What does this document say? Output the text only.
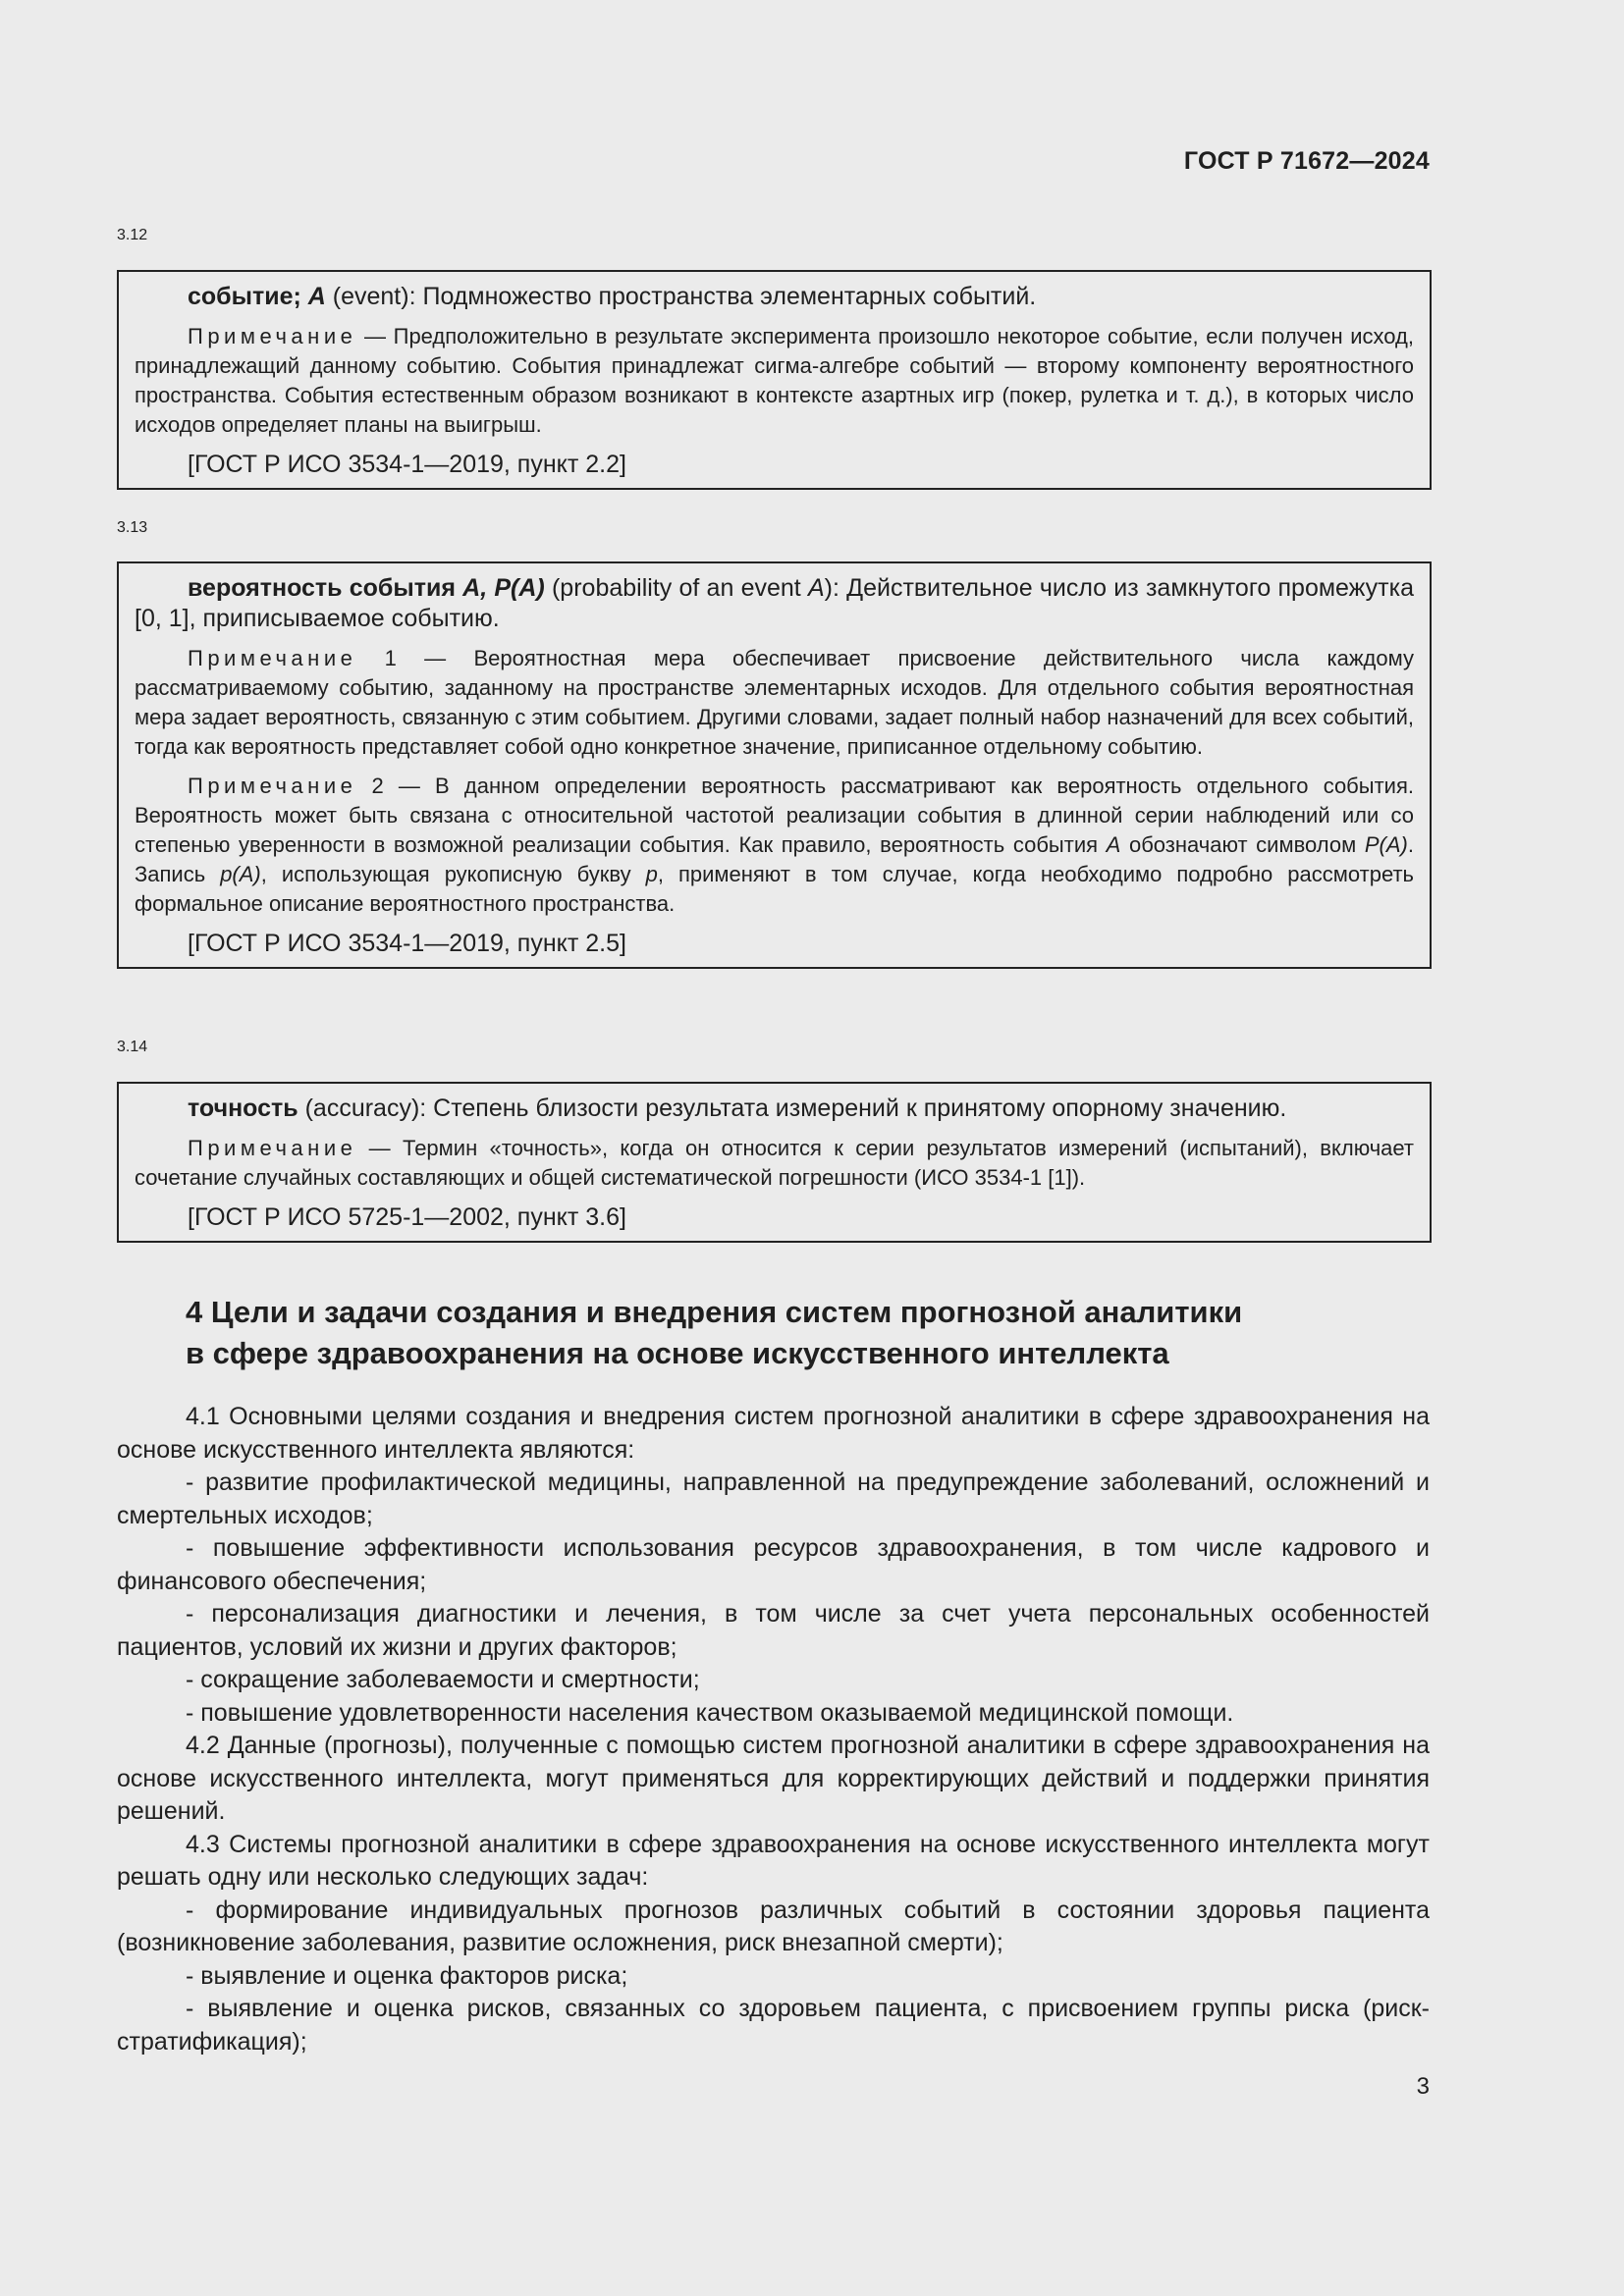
ГОСТ Р 71672—2024
3.12

событие; A (event): Подмножество пространства элементарных событий.

Примечание — Предположительно в результате эксперимента произошло некоторое событие, если получен исход, принадлежащий данному событию. События принадлежат сигма-алгебре событий — второму компоненту вероятностного пространства. События естественным образом возникают в контексте азартных игр (покер, рулетка и т. д.), в которых число исходов определяет планы на выигрыш.

[ГОСТ Р ИСО 3534-1—2019, пункт 2.2]

3.13

вероятность события A, P(A) (probability of an event A): Действительное число из замкнутого промежутка [0, 1], приписываемое событию.

Примечание 1 — Вероятностная мера обеспечивает присвоение действительного числа каждому рассматриваемому событию, заданному на пространстве элементарных исходов. Для отдельного события вероятностная мера задает вероятность, связанную с этим событием. Другими словами, задает полный набор назначений для всех событий, тогда как вероятность представляет собой одно конкретное значение, приписанное отдельному событию.

Примечание 2 — В данном определении вероятность рассматривают как вероятность отдельного события. Вероятность может быть связана с относительной частотой реализации события в длинной серии наблюдений или со степенью уверенности в возможной реализации события. Как правило, вероятность события A обозначают символом P(A). Запись p(A), использующая рукописную букву p, применяют в том случае, когда необходимо подробно рассмотреть формальное описание вероятностного пространства.

[ГОСТ Р ИСО 3534-1—2019, пункт 2.5]

3.14

точность (accuracy): Степень близости результата измерений к принятому опорному значению.

Примечание — Термин «точность», когда он относится к серии результатов измерений (испытаний), включает сочетание случайных составляющих и общей систематической погрешности (ИСО 3534-1 [1]).

[ГОСТ Р ИСО 5725-1—2002, пункт 3.6]

4 Цели и задачи создания и внедрения систем прогнозной аналитики
в сфере здравоохранения на основе искусственного интеллекта

4.1 Основными целями создания и внедрения систем прогнозной аналитики в сфере здравоохранения на основе искусственного интеллекта являются:

- развитие профилактической медицины, направленной на предупреждение заболеваний, осложнений и смертельных исходов;

- повышение эффективности использования ресурсов здравоохранения, в том числе кадрового и финансового обеспечения;

- персонализация диагностики и лечения, в том числе за счет учета персональных особенностей пациентов, условий их жизни и других факторов;

- сокращение заболеваемости и смертности;

- повышение удовлетворенности населения качеством оказываемой медицинской помощи.

4.2 Данные (прогнозы), полученные с помощью систем прогнозной аналитики в сфере здравоохранения на основе искусственного интеллекта, могут применяться для корректирующих действий и поддержки принятия решений.

4.3 Системы прогнозной аналитики в сфере здравоохранения на основе искусственного интеллекта могут решать одну или несколько следующих задач:

- формирование индивидуальных прогнозов различных событий в состоянии здоровья пациента (возникновение заболевания, развитие осложнения, риск внезапной смерти);

- выявление и оценка факторов риска;

- выявление и оценка рисков, связанных со здоровьем пациента, с присвоением группы риска (риск-стратификация);

3
